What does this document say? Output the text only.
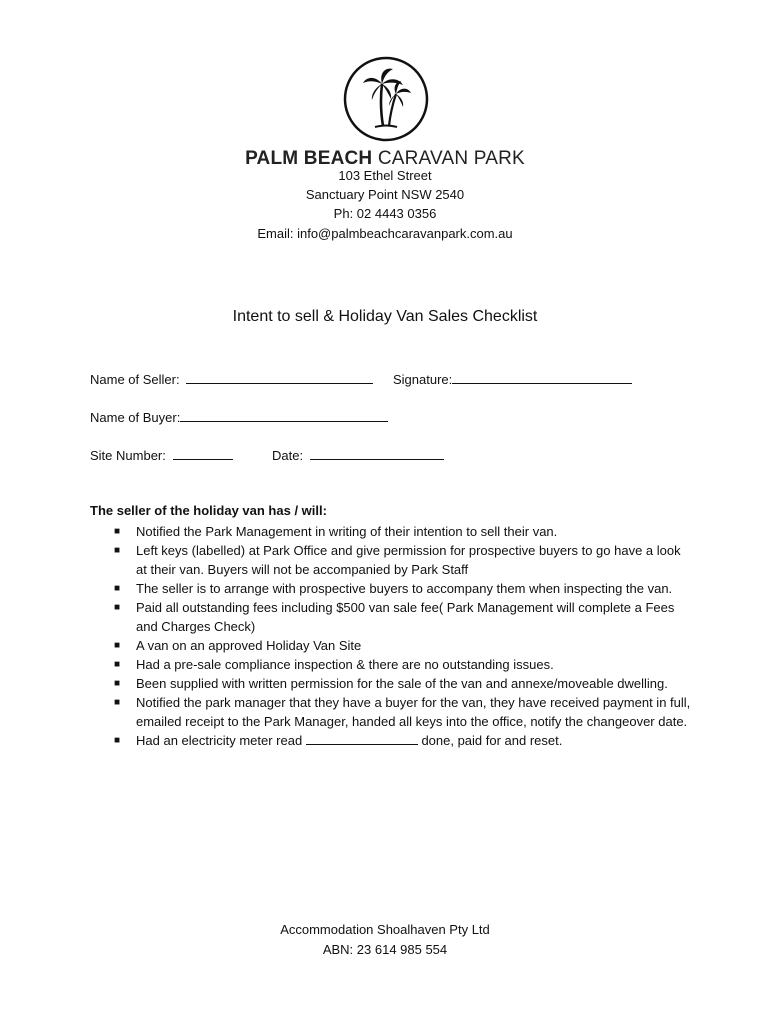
PALM BEACH CARAVAN PARK
103 Ethel Street
Sanctuary Point NSW 2540
Ph: 02 4443 0356
Email: info@palmbeachcaravanpark.com.au
Intent to sell & Holiday Van Sales Checklist
Name of Seller:	Signature:
Name of Buyer:
Site Number:	Date:
The seller of the holiday van has / will:
■ Notified the Park Management in writing of their intention to sell their van.
■ Left keys (labelled) at Park Office and give permission for prospective buyers to go have a look at their van. Buyers will not be accompanied by Park Staff
■ The seller is to arrange with prospective buyers to accompany them when inspecting the van.
■ Paid all outstanding fees including $500 van sale fee( Park Management will complete a Fees and Charges Check)
■ A van on an approved Holiday Van Site
■ Had a pre-sale compliance inspection & there are no outstanding issues.
■ Been supplied with written permission for the sale of the van and annexe/moveable dwelling.
■ Notified the park manager that they have a buyer for the van, they have received payment in full, emailed receipt to the Park Manager, handed all keys into the office, notify the changeover date.
■ Had an electricity meter read	done, paid for and reset.
Accommodation Shoalhaven Pty Ltd
ABN: 23 614 985 554
